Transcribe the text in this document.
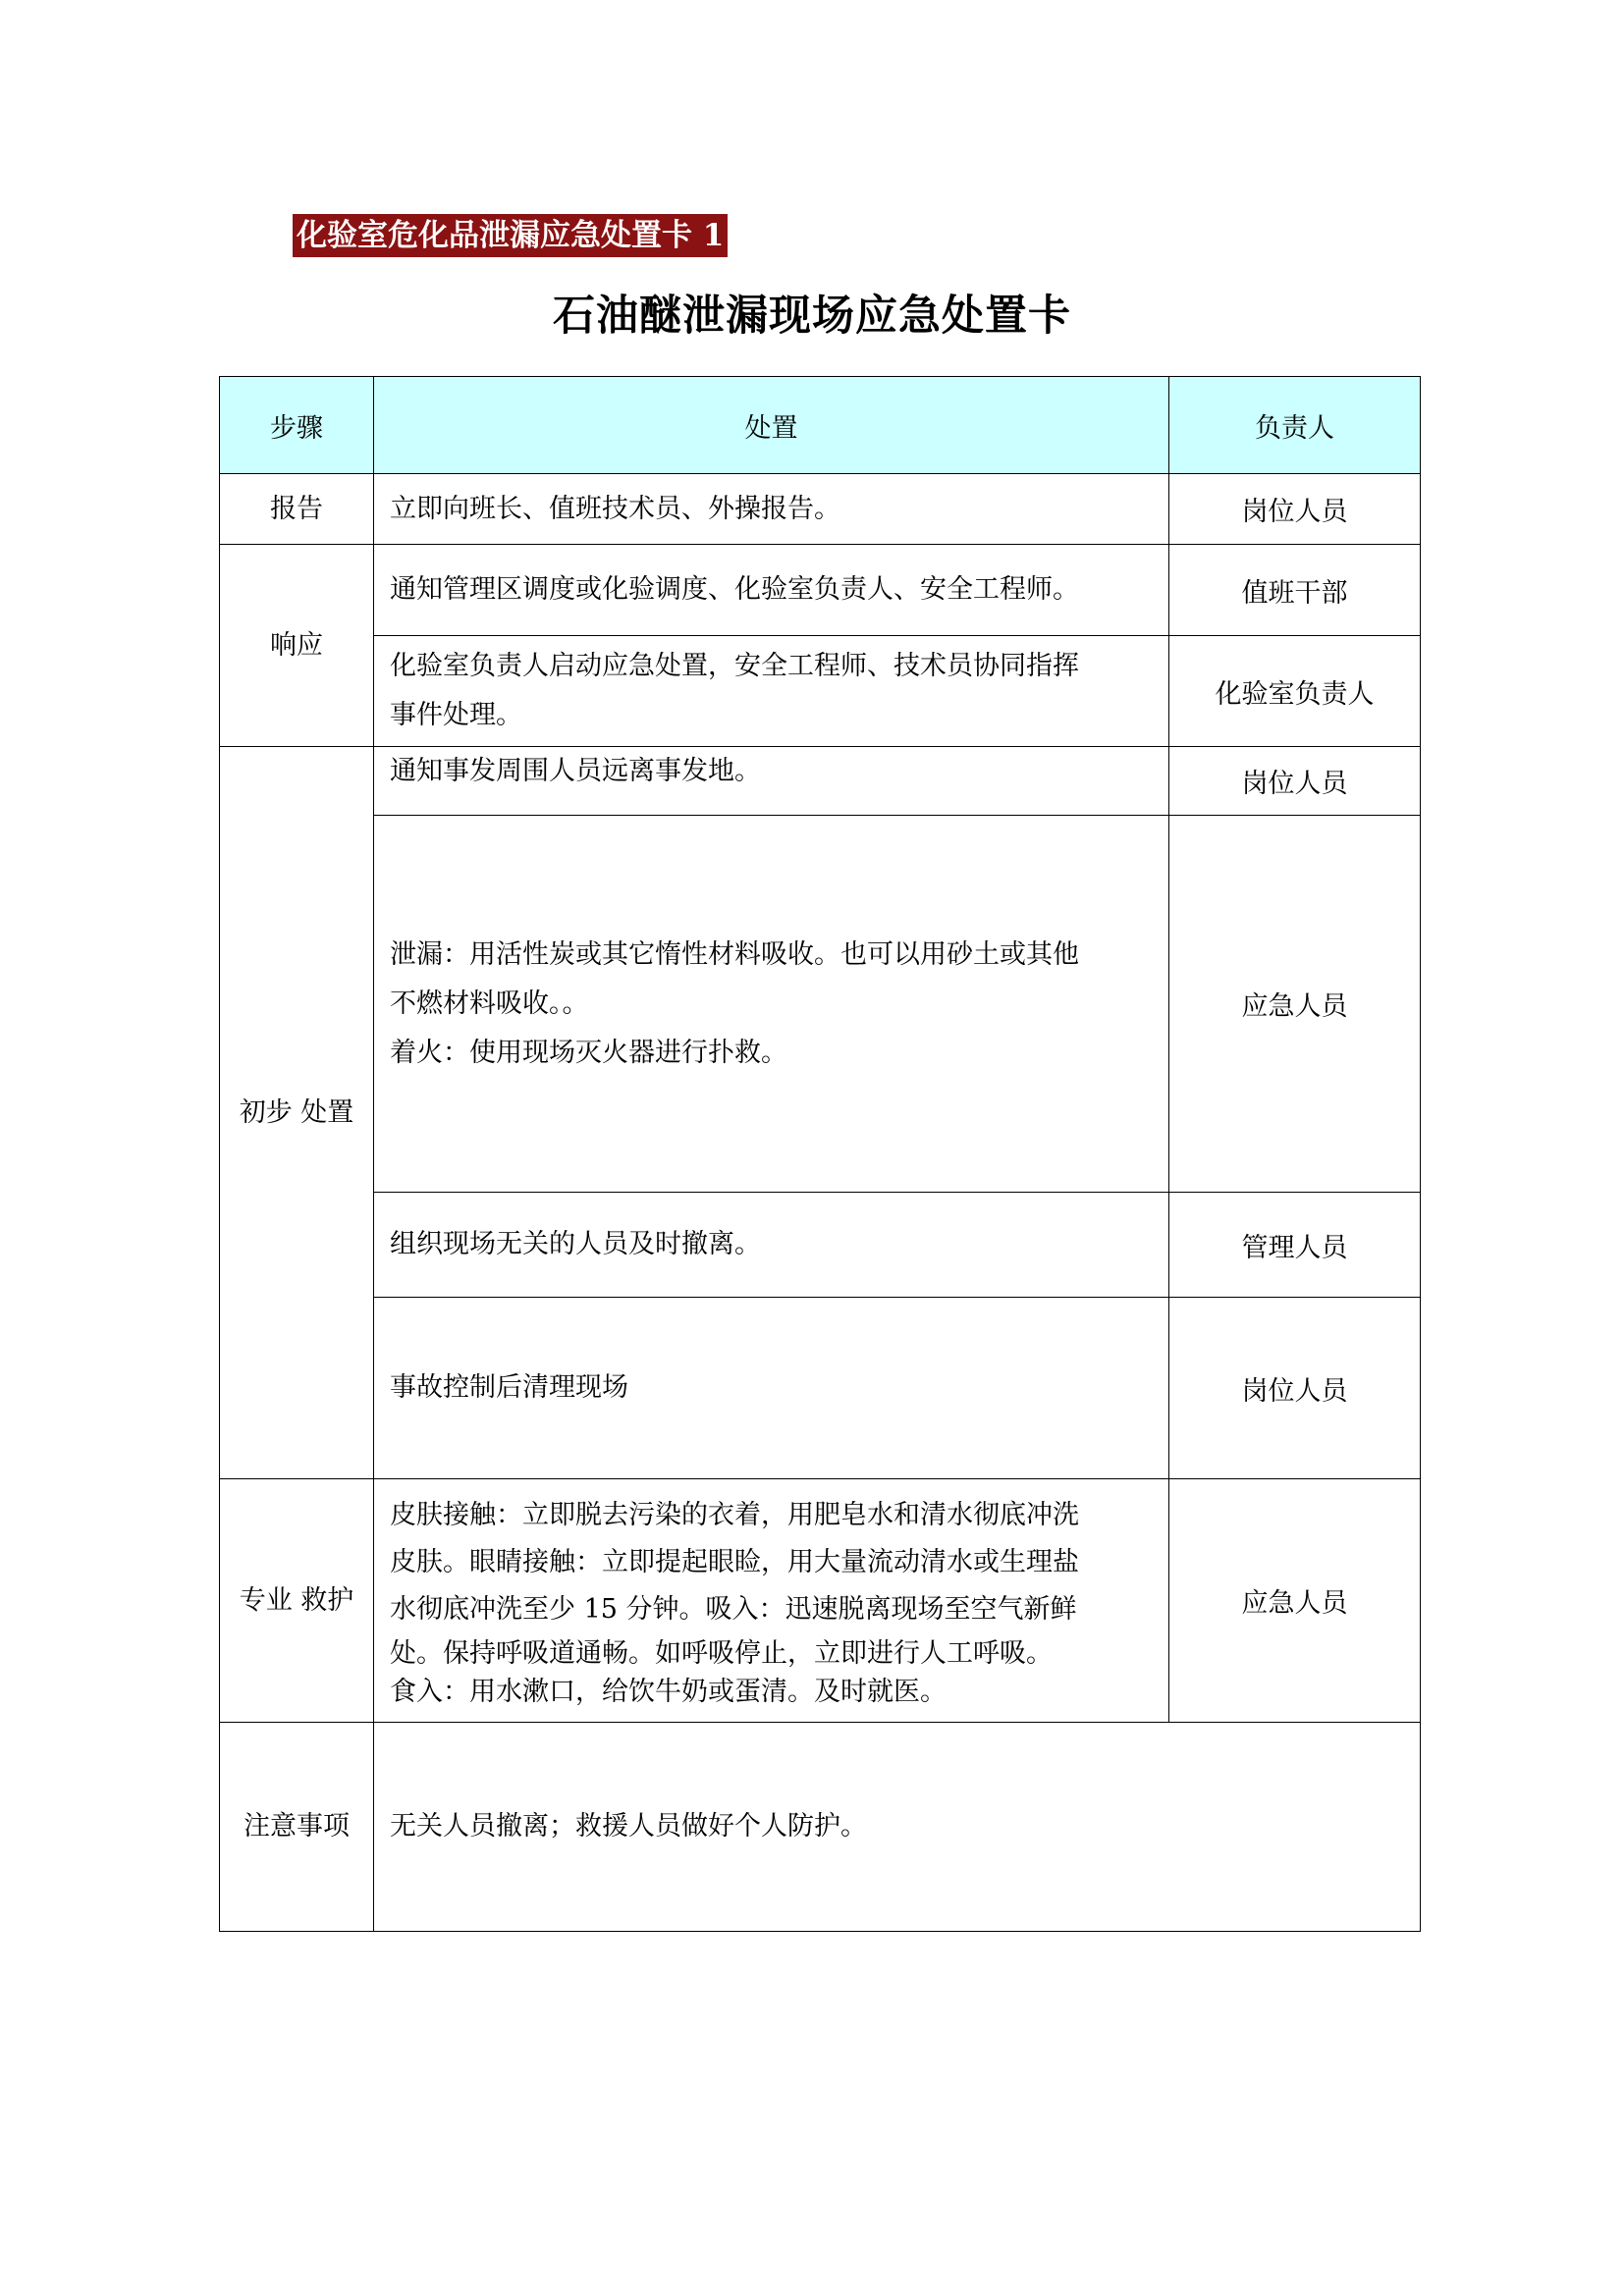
化验室危化品泄漏应急处置卡 1
石油醚泄漏现场应急处置卡
步骤	处置	负责人
报告	立即向班长、值班技术员、外操报告。	岗位人员
响应	通知管理区调度或化验调度、化验室负责人、安全工程师。	值班干部

	化验室负责人启动应急处置，安全工程师、技术员协同指挥
事件处理。	化验室负责人
初步 处置	通知事发周围人员远离事发地。	岗位人员

	泄漏：用活性炭或其它惰性材料吸收。也可以用砂土或其他
不燃材料吸收。。
着火：使用现场灭火器进行扑救。	应急人员
	组织现场无关的人员及时撤离。	管理人员
	事故控制后清理现场	岗位人员
专业 救护	皮肤接触：立即脱去污染的衣着，用肥皂水和清水彻底冲洗
皮肤。眼睛接触：立即提起眼睑，用大量流动清水或生理盐
水彻底冲洗至少 15 分钟。吸入：迅速脱离现场至空气新鲜
处。保持呼吸道通畅。如呼吸停止，立即进行人工呼吸。
食入：用水漱口，给饮牛奶或蛋清。及时就医。	应急人员
注意事项	无关人员撤离；救援人员做好个人防护。	
